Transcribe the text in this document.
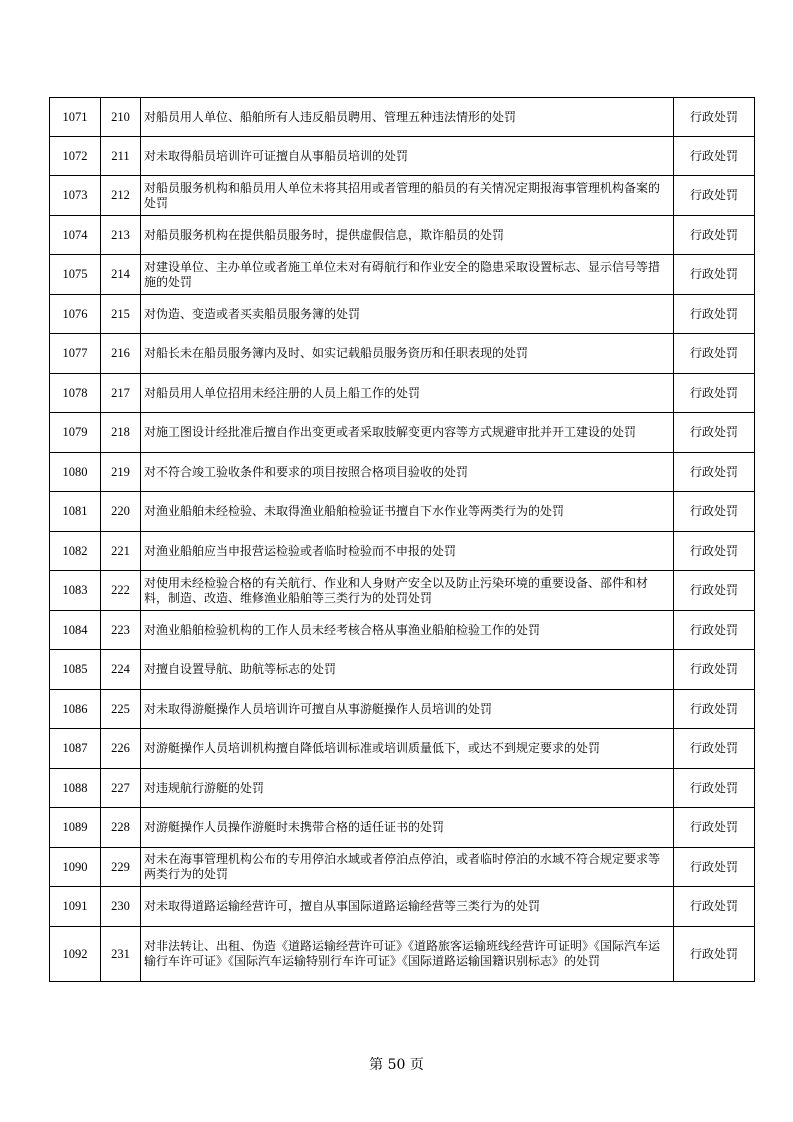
1071	210	对船员用人单位、船舶所有人违反船员聘用、管理五种违法情形的处罚	行政处罚
1072	211	对未取得船员培训许可证擅自从事船员培训的处罚	行政处罚
1073	212	对船员服务机构和船员用人单位未将其招用或者管理的船员的有关情况定期报海事管理机构备案的处罚	行政处罚
1074	213	对船员服务机构在提供船员服务时，提供虚假信息，欺诈船员的处罚	行政处罚
1075	214	对建设单位、主办单位或者施工单位未对有碍航行和作业安全的隐患采取设置标志、显示信号等措施的处罚	行政处罚
1076	215	对伪造、变造或者买卖船员服务簿的处罚	行政处罚
1077	216	对船长未在船员服务簿内及时、如实记载船员服务资历和任职表现的处罚	行政处罚
1078	217	对船员用人单位招用未经注册的人员上船工作的处罚	行政处罚
1079	218	对施工图设计经批准后擅自作出变更或者采取肢解变更内容等方式规避审批并开工建设的处罚	行政处罚
1080	219	对不符合竣工验收条件和要求的项目按照合格项目验收的处罚	行政处罚
1081	220	对渔业船舶未经检验、未取得渔业船舶检验证书擅自下水作业等两类行为的处罚	行政处罚
1082	221	对渔业船舶应当申报营运检验或者临时检验而不申报的处罚	行政处罚
1083	222	对使用未经检验合格的有关航行、作业和人身财产安全以及防止污染环境的重要设备、部件和材料，制造、改造、维修渔业船舶等三类行为的处罚处罚	行政处罚
1084	223	对渔业船舶检验机构的工作人员未经考核合格从事渔业船舶检验工作的处罚	行政处罚
1085	224	对擅自设置导航、助航等标志的处罚	行政处罚
1086	225	对未取得游艇操作人员培训许可擅自从事游艇操作人员培训的处罚	行政处罚
1087	226	对游艇操作人员培训机构擅自降低培训标准或培训质量低下，或达不到规定要求的处罚	行政处罚
1088	227	对违规航行游艇的处罚	行政处罚
1089	228	对游艇操作人员操作游艇时未携带合格的适任证书的处罚	行政处罚
1090	229	对未在海事管理机构公布的专用停泊水域或者停泊点停泊，或者临时停泊的水域不符合规定要求等两类行为的处罚	行政处罚
1091	230	对未取得道路运输经营许可，擅自从事国际道路运输经营等三类行为的处罚	行政处罚
1092	231	对非法转让、出租、伪造《道路运输经营许可证》《道路旅客运输班线经营许可证明》《国际汽车运输行车许可证》《国际汽车运输特别行车许可证》《国际道路运输国籍识别标志》的处罚	行政处罚
第 50 页
